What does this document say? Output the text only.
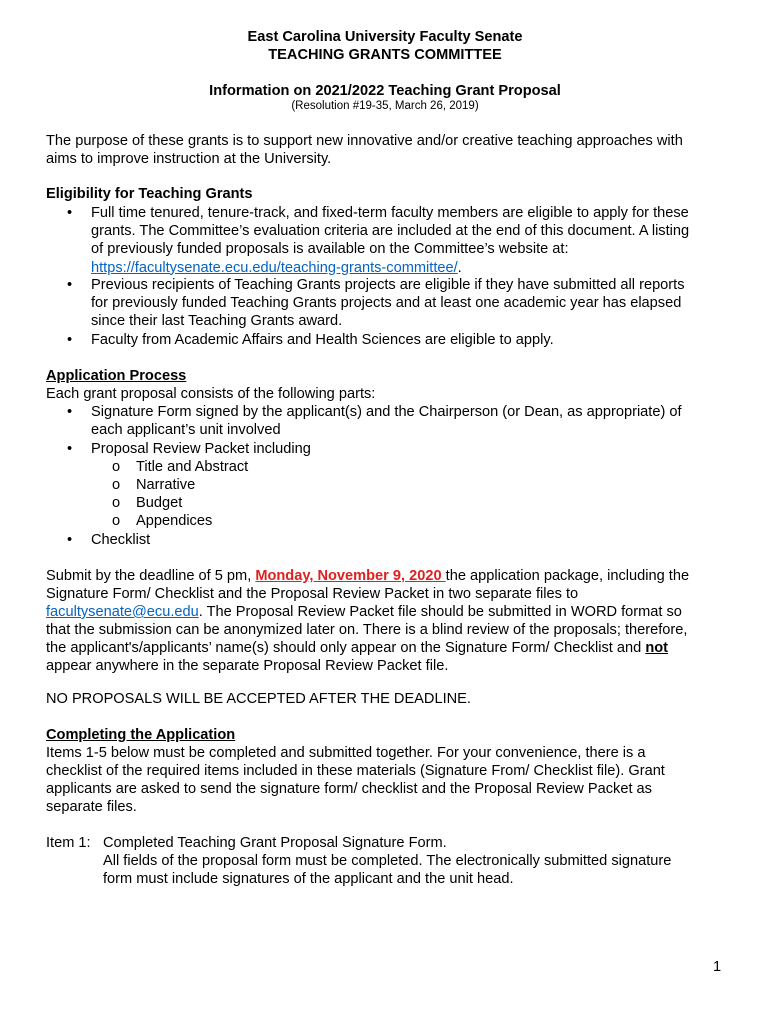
East Carolina University Faculty Senate
TEACHING GRANTS COMMITTEE
Information on 2021/2022 Teaching Grant Proposal
(Resolution #19-35, March 26, 2019)
The purpose of these grants is to support new innovative and/or creative teaching approaches with
aims to improve instruction at the University.
Eligibility for Teaching Grants
• Full time tenured, tenure-track, and fixed-term faculty members are eligible to apply for these
grants. The Committee’s evaluation criteria are included at the end of this document. A listing
of previously funded proposals is available on the Committee’s website at:
https://facultysenate.ecu.edu/teaching-grants-committee/.
• Previous recipients of Teaching Grants projects are eligible if they have submitted all reports
for previously funded Teaching Grants projects and at least one academic year has elapsed
since their last Teaching Grants award.
• Faculty from Academic Affairs and Health Sciences are eligible to apply.
Application Process
Each grant proposal consists of the following parts:
• Signature Form signed by the applicant(s) and the Chairperson (or Dean, as appropriate) of
each applicant’s unit involved
• Proposal Review Packet including
o Title and Abstract
o Narrative
o Budget
o Appendices
• Checklist
Submit by the deadline of 5 pm, Monday, November 9, 2020 the application package, including the
Signature Form/ Checklist and the Proposal Review Packet in two separate files to
facultysenate@ecu.edu. The Proposal Review Packet file should be submitted in WORD format so
that the submission can be anonymized later on. There is a blind review of the proposals; therefore,
the applicant's/applicants’ name(s) should only appear on the Signature Form/ Checklist and not
appear anywhere in the separate Proposal Review Packet file.
NO PROPOSALS WILL BE ACCEPTED AFTER THE DEADLINE.
Completing the Application
Items 1-5 below must be completed and submitted together. For your convenience, there is a
checklist of the required items included in these materials (Signature From/ Checklist file). Grant
applicants are asked to send the signature form/ checklist and the Proposal Review Packet as
separate files.
Item 1: Completed Teaching Grant Proposal Signature Form.
All fields of the proposal form must be completed. The electronically submitted signature
form must include signatures of the applicant and the unit head.
1
